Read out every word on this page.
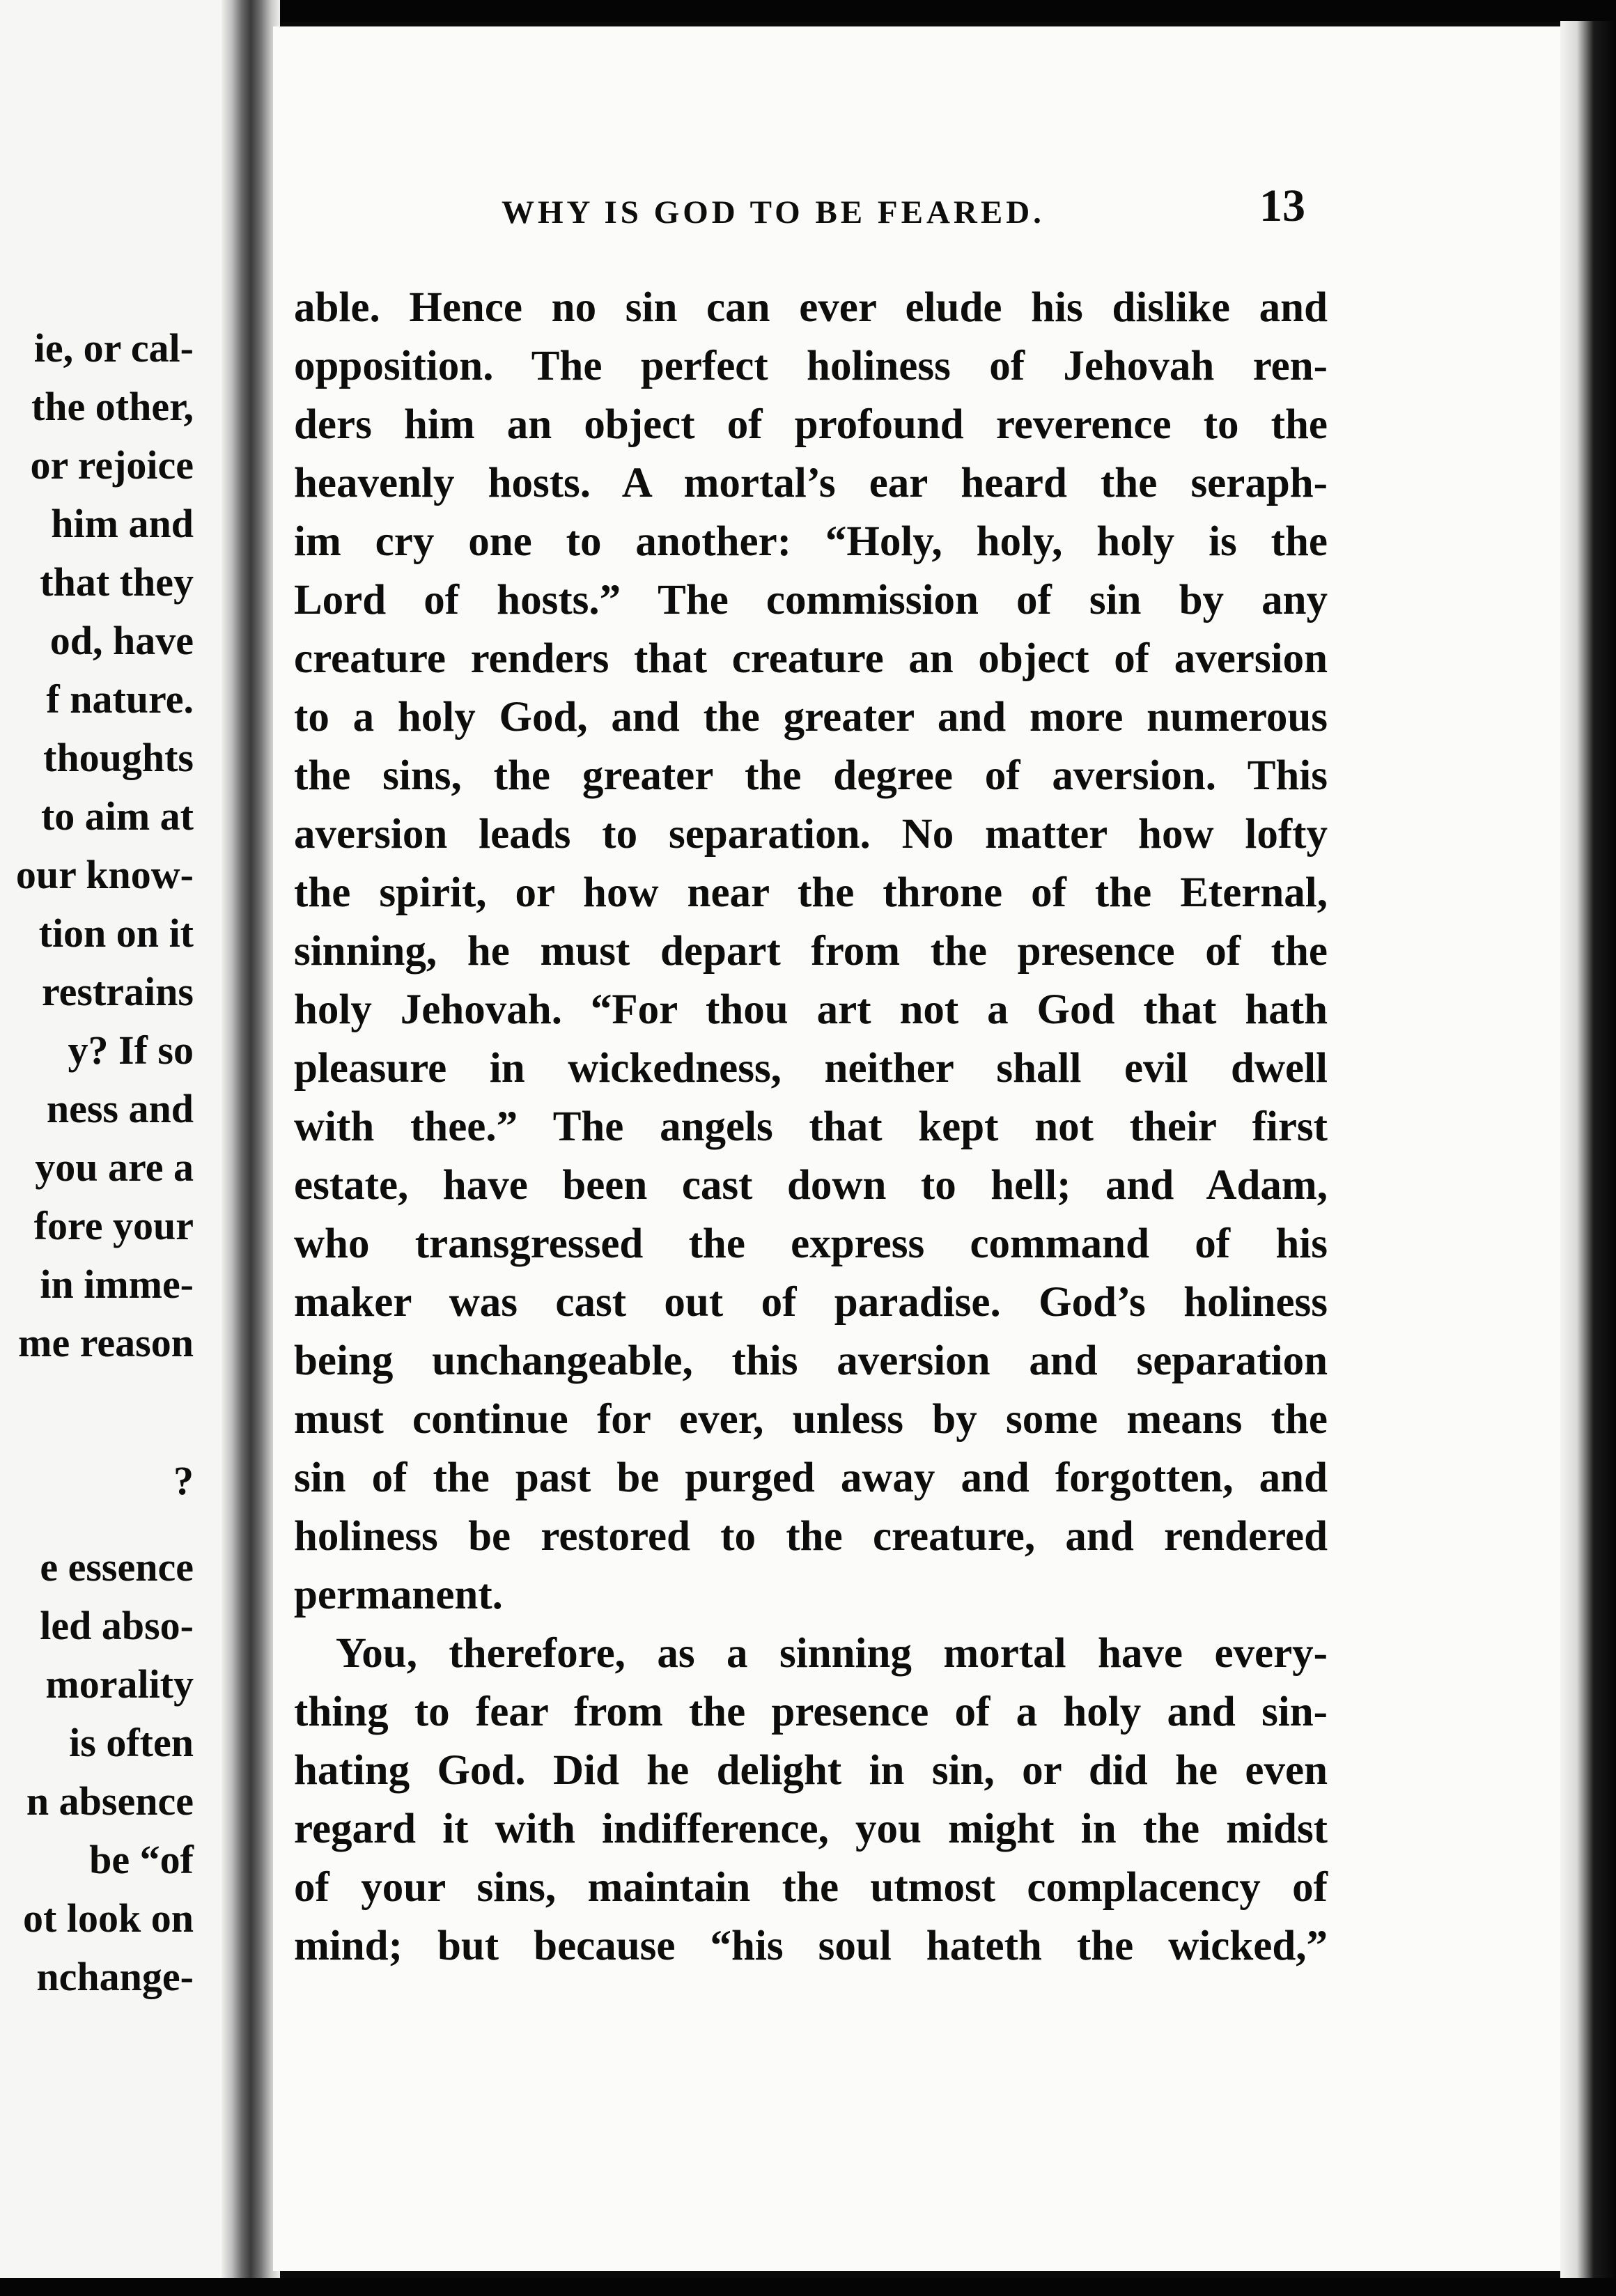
ie, or cal-
the other,
or rejoice
him and
that they
od, have
f nature.
thoughts
to aim at
our know-
tion on it
restrains
y? If so
ness and
you are a
fore your
in imme-
me reason
?
e essence
led abso-
morality
is often
n absence
be “of
ot look on
nchange-
WHY IS GOD TO BE FEARED.	13
able. Hence no sin can ever elude his dislike and
opposition. The perfect holiness of Jehovah ren-
ders him an object of profound reverence to the
heavenly hosts. A mortal’s ear heard the seraph-
im cry one to another: “Holy, holy, holy is the
Lord of hosts.” The commission of sin by any
creature renders that creature an object of aversion
to a holy God, and the greater and more numerous
the sins, the greater the degree of aversion. This
aversion leads to separation. No matter how lofty
the spirit, or how near the throne of the Eternal,
sinning, he must depart from the presence of the
holy Jehovah. “For thou art not a God that hath
pleasure in wickedness, neither shall evil dwell
with thee.” The angels that kept not their first
estate, have been cast down to hell; and Adam,
who transgressed the express command of his
maker was cast out of paradise. God’s holiness
being unchangeable, this aversion and separation
must continue for ever, unless by some means the
sin of the past be purged away and forgotten, and
holiness be restored to the creature, and rendered
permanent.
You, therefore, as a sinning mortal have every-
thing to fear from the presence of a holy and sin-
hating God. Did he delight in sin, or did he even
regard it with indifference, you might in the midst
of your sins, maintain the utmost complacency of
mind; but because “his soul hateth the wicked,”
